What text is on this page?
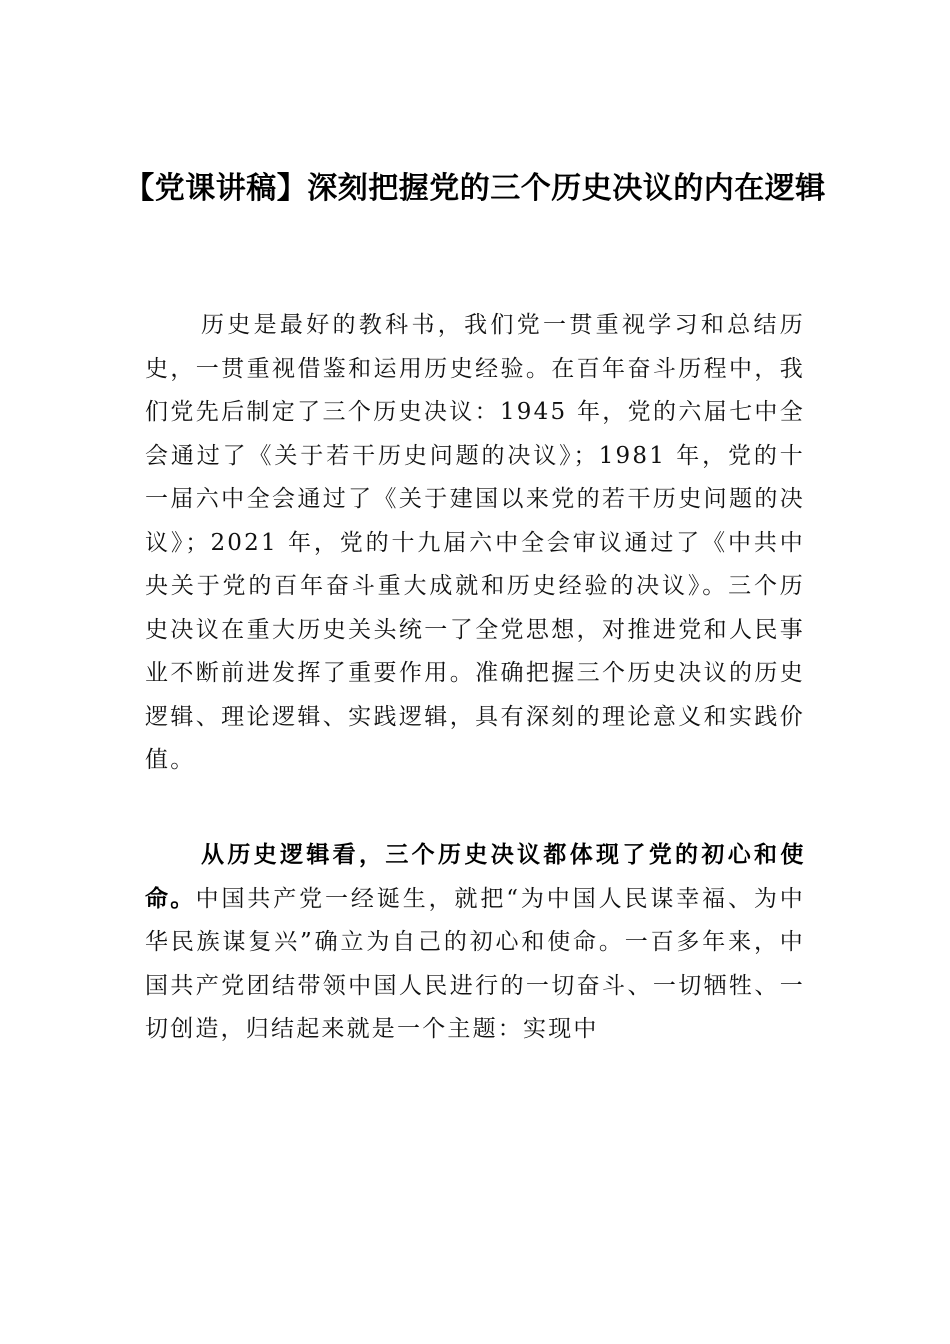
【党课讲稿】深刻把握党的三个历史决议的内在逻辑

历史是最好的教科书，我们党一贯重视学习和总结历史，一贯重视借鉴和运用历史经验。在百年奋斗历程中，我们党先后制定了三个历史决议：1945 年，党的六届七中全会通过了《关于若干历史问题的决议》；1981 年，党的十一届六中全会通过了《关于建国以来党的若干历史问题的决议》；2021 年，党的十九届六中全会审议通过了《中共中央关于党的百年奋斗重大成就和历史经验的决议》。三个历史决议在重大历史关头统一了全党思想，对推进党和人民事业不断前进发挥了重要作用。准确把握三个历史决议的历史逻辑、理论逻辑、实践逻辑，具有深刻的理论意义和实践价值。

从历史逻辑看，三个历史决议都体现了党的初心和使命。中国共产党一经诞生，就把“为中国人民谋幸福、为中华民族谋复兴”确立为自己的初心和使命。一百多年来，中国共产党团结带领中国人民进行的一切奋斗、一切牺牲、一切创造，归结起来就是一个主题：实现中
